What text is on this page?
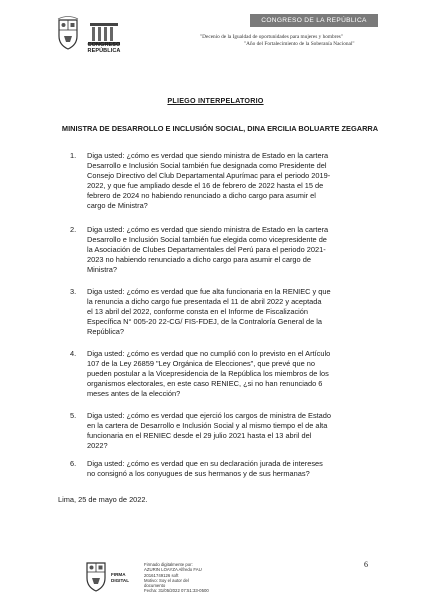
CONGRESO
REPÚBLICA
CONGRESO DE LA REPÚBLICA
"Decenio de la Igualdad de oportunidades para mujeres y hombres"
"Año del Fortalecimiento de la Soberanía Nacional"
PLIEGO INTERPELATORIO
MINISTRA DE DESARROLLO E INCLUSIÓN SOCIAL, DINA ERCILIA BOLUARTE ZEGARRA
1. Diga usted: ¿cómo es verdad que siendo ministra de Estado en la cartera
Desarrollo e Inclusión Social también fue designada como Presidente del
Consejo Directivo del Club Departamental Apurímac para el periodo 2019-
2022, y que fue ampliado desde el 16 de febrero de 2022 hasta el 15 de
febrero de 2024 no habiendo renunciado a dicho cargo para asumir el
cargo de Ministra?
2. Diga usted: ¿cómo es verdad que siendo ministra de Estado en la cartera
Desarrollo e Inclusión Social también fue elegida como vicepresidente de
la Asociación de Clubes Departamentales del Perú para el periodo 2021-
2023 no habiendo renunciado a dicho cargo para asumir el cargo de
Ministra?
3. Diga usted: ¿cómo es verdad que fue alta funcionaria en la RENIEC y que
la renuncia a dicho cargo fue presentada el 11 de abril 2022 y aceptada
el 13 abril del 2022, conforme consta en el Informe de Fiscalización
Específica N° 005-20 22-CG/ FIS-FDEJ, de la Contraloría General de la
República?
4. Diga usted: ¿cómo es verdad que no cumplió con lo previsto en el Artículo
107 de la Ley 26859 "Ley Orgánica de Elecciones", que prevé que no
pueden postular a la Vicepresidencia de la República los miembros de los
organismos electorales, en este caso RENIEC, ¿si no han renunciado 6
meses antes de la elección?
5. Diga usted: ¿cómo es verdad que ejerció los cargos de ministra de Estado
en la cartera de Desarrollo e Inclusión Social y al mismo tiempo el de alta
funcionaria en el RENIEC desde el 29 julio 2021 hasta el 13 abril del
2022?
6. Diga usted: ¿cómo es verdad que en su declaración jurada de intereses
no consignó a los conyugues de sus hermanos y de sus hermanas?
Lima, 25 de mayo de 2022.
FIRMA
DIGITAL
Firmado digitalmente por:
AZURIN LOAYZA Alfredo FAU
20161749126 soft
Motivo: Soy el autor del
documento
Fecha: 31/05/2022 07:51:33-0500
6
